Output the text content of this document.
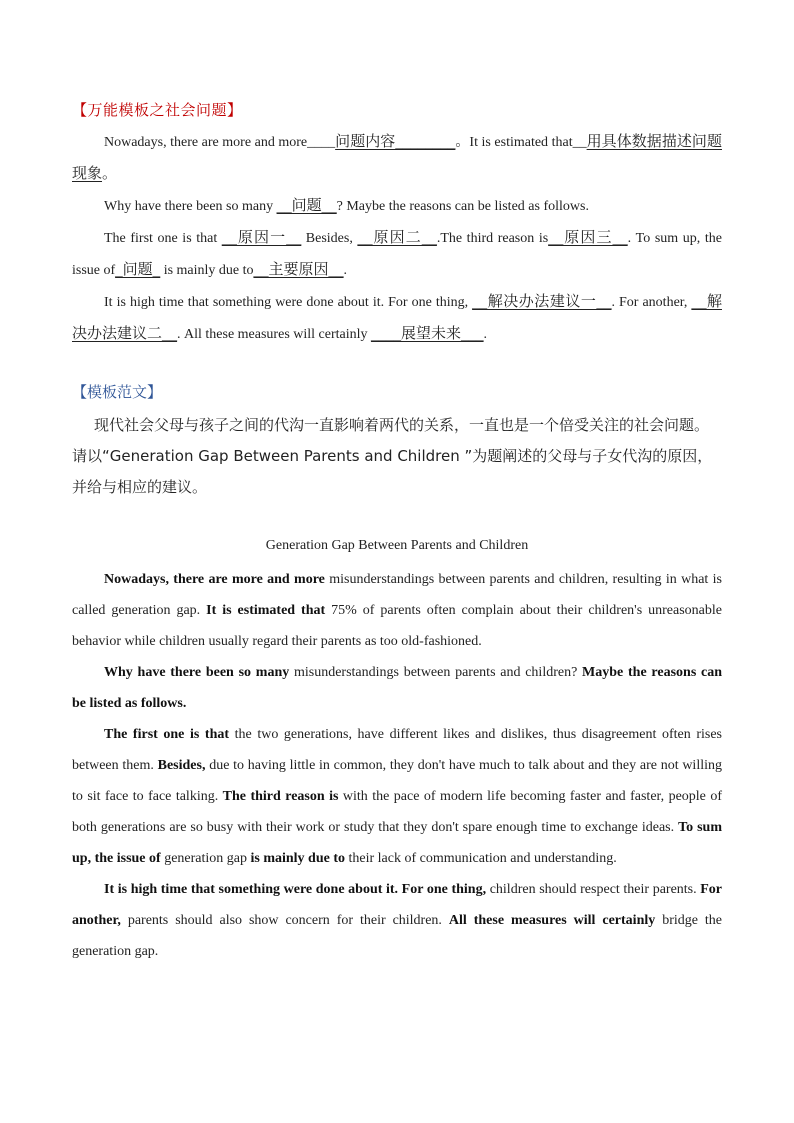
【万能模板之社会问题】

Nowadays, there are more and more____问题内容________。It is estimated that__用具体数据描述问题现象。

Why have there been so many __问题__? Maybe the reasons can be listed as follows.

The first one is that __原因一__ Besides, __原因二__.The third reason is__原因三__. To sum up, the issue of_问题_ is mainly due to__主要原因__.

It is high time that something were done about it. For one thing, __解决办法建议一__. For another, __解决办法建议二__. All these measures will certainly ____展望未来___.

【模板范文】

现代社会父母与孩子之间的代沟一直影响着两代的关系，一直也是一个倍受关注的社会问题。请以“Generation Gap Between Parents and Children ”为题阐述的父母与子女代沟的原因，并给与相应的建议。

Generation Gap Between Parents and Children

Nowadays, there are more and more misunderstandings between parents and children, resulting in what is called generation gap. It is estimated that 75% of parents often complain about their children's unreasonable behavior while children usually regard their parents as too old-fashioned.

Why have there been so many misunderstandings between parents and children? Maybe the reasons can be listed as follows.

The first one is that the two generations, have different likes and dislikes, thus disagreement often rises between them. Besides, due to having little in common, they don't have much to talk about and they are not willing to sit face to face talking. The third reason is with the pace of modern life becoming faster and faster, people of both generations are so busy with their work or study that they don't spare enough time to exchange ideas. To sum up, the issue of generation gap is mainly due to their lack of communication and understanding.

It is high time that something were done about it. For one thing, children should respect their parents. For another, parents should also show concern for their children. All these measures will certainly bridge the generation gap.
